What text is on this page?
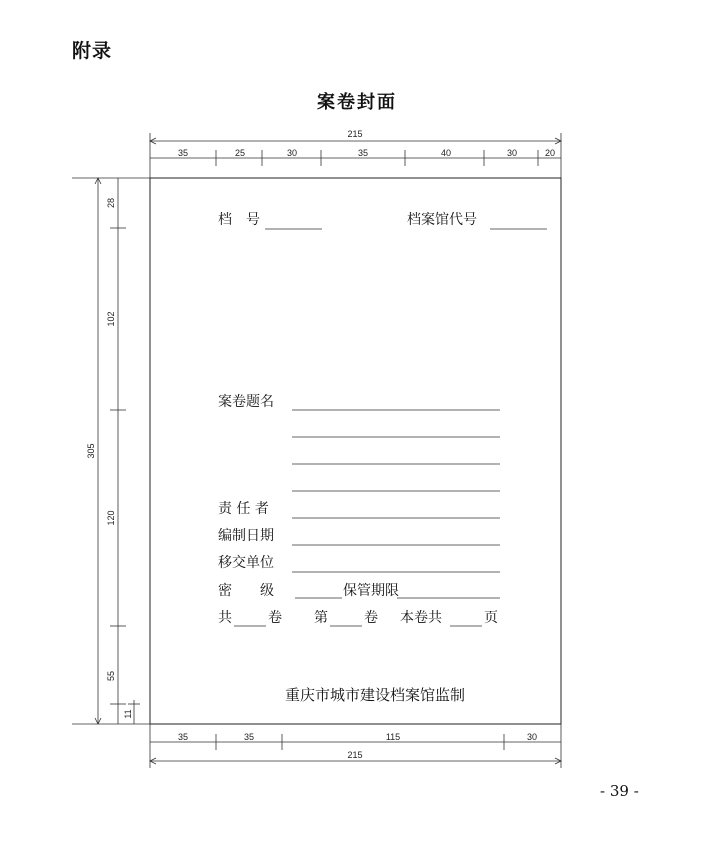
附录
案卷封面
215
35	25	30	35	40	30	20
305
28
102
120
55
11
35	35	115	30
215
档　号	档案馆代号
案卷题名
责 任 者
编制日期
移交单位
密　　级	保管期限
共	卷 第	卷 本卷共	页
重庆市城市建设档案馆监制
- 39 -
